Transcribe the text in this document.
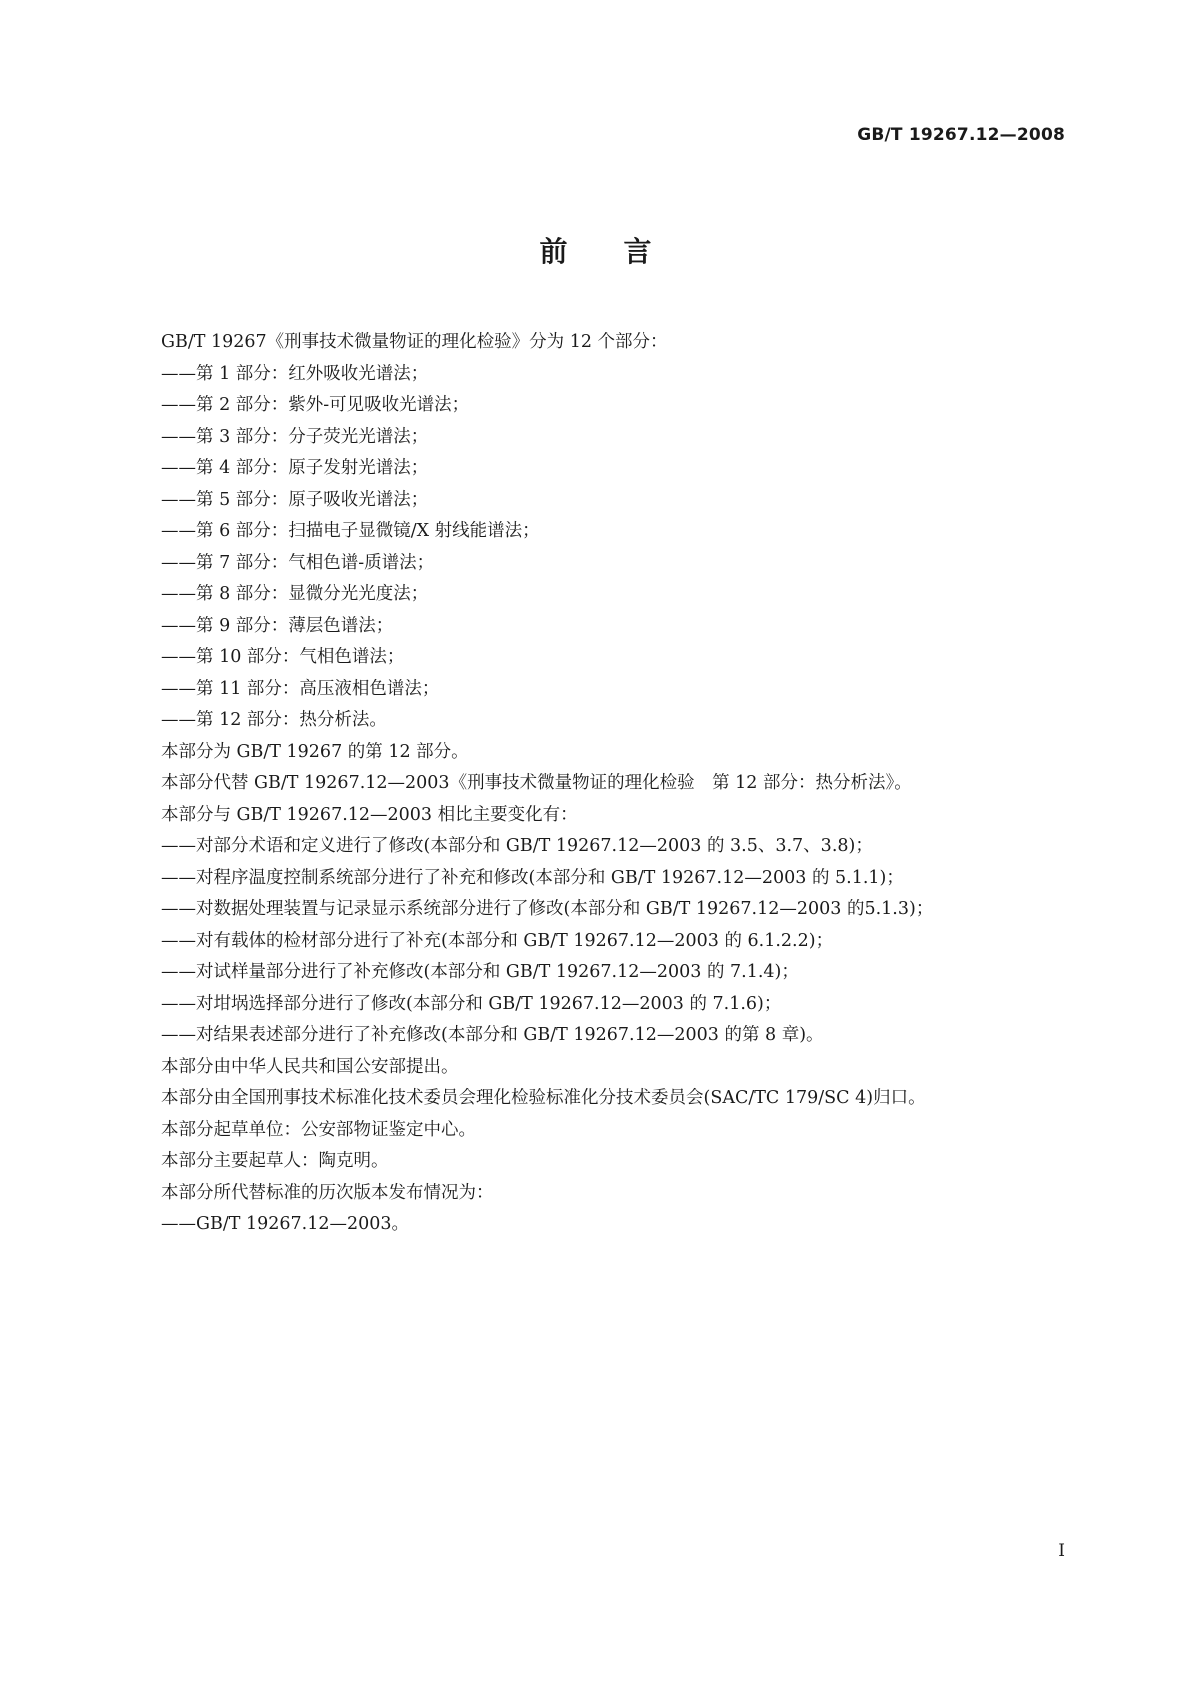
GB/T 19267.12—2008
前言

GB/T 19267《刑事技术微量物证的理化检验》分为 12 个部分：

——第 1 部分：红外吸收光谱法；

——第 2 部分：紫外-可见吸收光谱法；

——第 3 部分：分子荧光光谱法；

——第 4 部分：原子发射光谱法；

——第 5 部分：原子吸收光谱法；

——第 6 部分：扫描电子显微镜/X 射线能谱法；

——第 7 部分：气相色谱-质谱法；

——第 8 部分：显微分光光度法；

——第 9 部分：薄层色谱法；

——第 10 部分：气相色谱法；

——第 11 部分：高压液相色谱法；

——第 12 部分：热分析法。

本部分为 GB/T 19267 的第 12 部分。

本部分代替 GB/T 19267.12—2003《刑事技术微量物证的理化检验　第 12 部分：热分析法》。

本部分与 GB/T 19267.12—2003 相比主要变化有：

——对部分术语和定义进行了修改(本部分和 GB/T 19267.12—2003 的 3.5、3.7、3.8)；

——对程序温度控制系统部分进行了补充和修改(本部分和 GB/T 19267.12—2003 的 5.1.1)；

——对数据处理装置与记录显示系统部分进行了修改(本部分和 GB/T 19267.12—2003 的5.1.3)；

——对有载体的检材部分进行了补充(本部分和 GB/T 19267.12—2003 的 6.1.2.2)；

——对试样量部分进行了补充修改(本部分和 GB/T 19267.12—2003 的 7.1.4)；

——对坩埚选择部分进行了修改(本部分和 GB/T 19267.12—2003 的 7.1.6)；

——对结果表述部分进行了补充修改(本部分和 GB/T 19267.12—2003 的第 8 章)。

本部分由中华人民共和国公安部提出。

本部分由全国刑事技术标准化技术委员会理化检验标准化分技术委员会(SAC/TC 179/SC 4)归口。

本部分起草单位：公安部物证鉴定中心。

本部分主要起草人：陶克明。

本部分所代替标准的历次版本发布情况为：

——GB/T 19267.12—2003。

I
